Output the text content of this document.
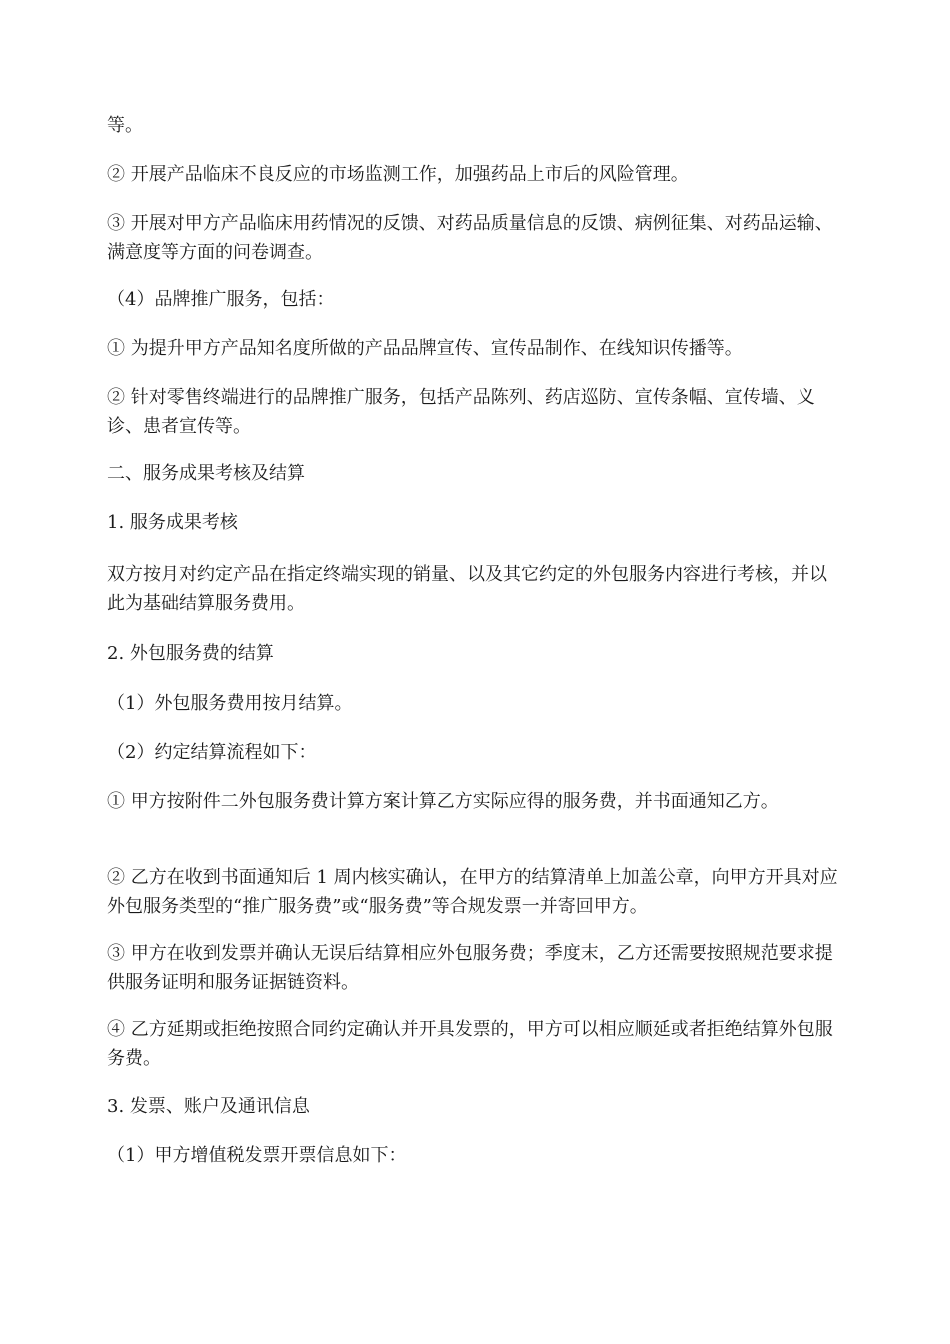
等。

② 开展产品临床不良反应的市场监测工作，加强药品上市后的风险管理。

③ 开展对甲方产品临床用药情况的反馈、对药品质量信息的反馈、病例征集、对药品运输、满意度等方面的问卷调查。

（4）品牌推广服务，包括：

① 为提升甲方产品知名度所做的产品品牌宣传、宣传品制作、在线知识传播等。

② 针对零售终端进行的品牌推广服务，包括产品陈列、药店巡防、宣传条幅、宣传墙、义诊、患者宣传等。

二、服务成果考核及结算

1. 服务成果考核

双方按月对约定产品在指定终端实现的销量、以及其它约定的外包服务内容进行考核，并以此为基础结算服务费用。

2. 外包服务费的结算

（1）外包服务费用按月结算。

（2）约定结算流程如下：

① 甲方按附件二外包服务费计算方案计算乙方实际应得的服务费，并书面通知乙方。

② 乙方在收到书面通知后 1 周内核实确认，在甲方的结算清单上加盖公章，向甲方开具对应外包服务类型的“推广服务费”或“服务费”等合规发票一并寄回甲方。

③ 甲方在收到发票并确认无误后结算相应外包服务费；季度末，乙方还需要按照规范要求提供服务证明和服务证据链资料。

④ 乙方延期或拒绝按照合同约定确认并开具发票的，甲方可以相应顺延或者拒绝结算外包服务费。

3. 发票、账户及通讯信息

（1）甲方增值税发票开票信息如下：
